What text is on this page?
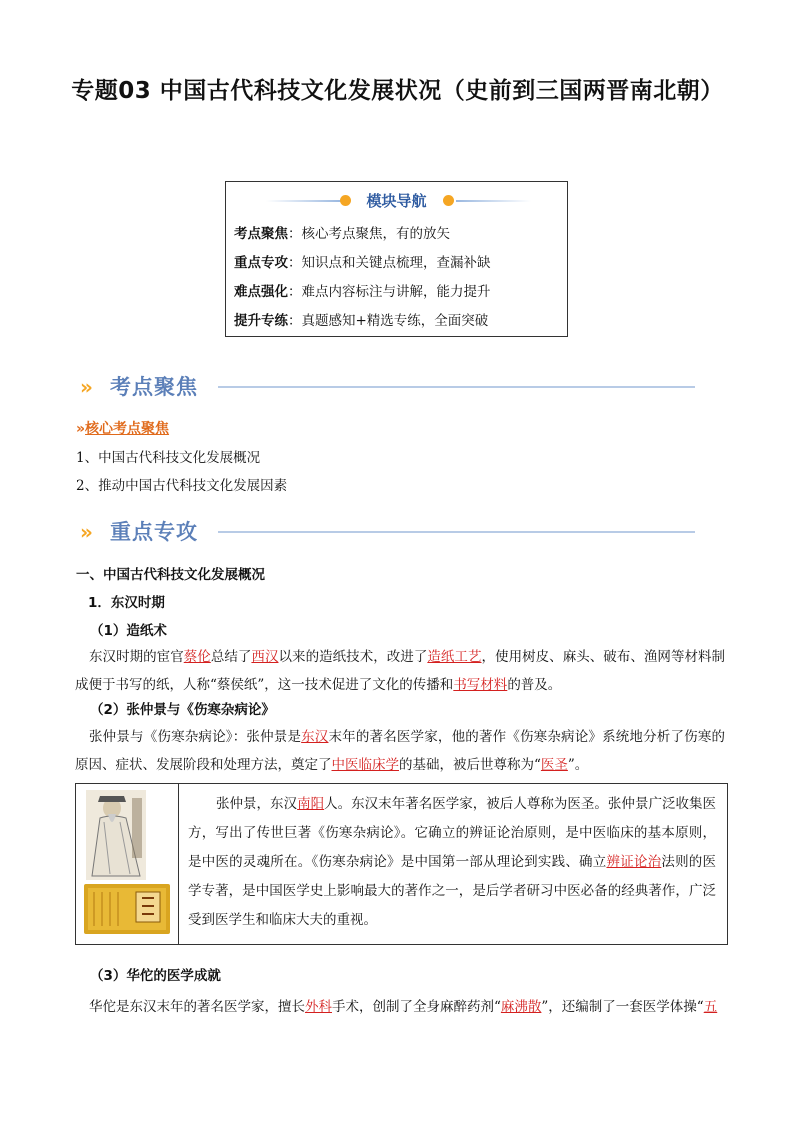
专题03 中国古代科技文化发展状况（史前到三国两晋南北朝）
模块导航
考点聚焦：核心考点聚焦，有的放矢
重点专攻：知识点和关键点梳理，查漏补缺
难点强化：难点内容标注与讲解，能力提升
提升专练：真题感知+精选专练，全面突破
» 考点聚焦
»核心考点聚焦
1、中国古代科技文化发展概况
2、推动中国古代科技文化发展因素
» 重点专攻
一、中国古代科技文化发展概况
1．东汉时期
（1）造纸术
东汉时期的宦官蔡伦总结了西汉以来的造纸技术，改进了造纸工艺，使用树皮、麻头、破布、渔网等材料制成便于书写的纸，人称“蔡侯纸”，这一技术促进了文化的传播和书写材料的普及。
（2）张仲景与《伤寒杂病论》
张仲景与《伤寒杂病论》：张仲景是东汉末年的著名医学家，他的著作《伤寒杂病论》系统地分析了伤寒的原因、症状、发展阶段和处理方法，奠定了中医临床学的基础，被后世尊称为“医圣”。
张仲景，东汉南阳人。东汉末年著名医学家，被后人尊称为医圣。张仲景广泛收集医方，写出了传世巨著《伤寒杂病论》。它确立的辨证论治原则，是中医临床的基本原则，是中医的灵魂所在。《伤寒杂病论》是中国第一部从理论到实践、确立辨证论治法则的医学专著，是中国医学史上影响最大的著作之一，是后学者研习中医必备的经典著作，广泛受到医学生和临床大夫的重视。
（3）华佗的医学成就
华佗是东汉末年的著名医学家，擅长外科手术，创制了全身麻醉药剂“麻沸散”，还编制了一套医学体操“五
